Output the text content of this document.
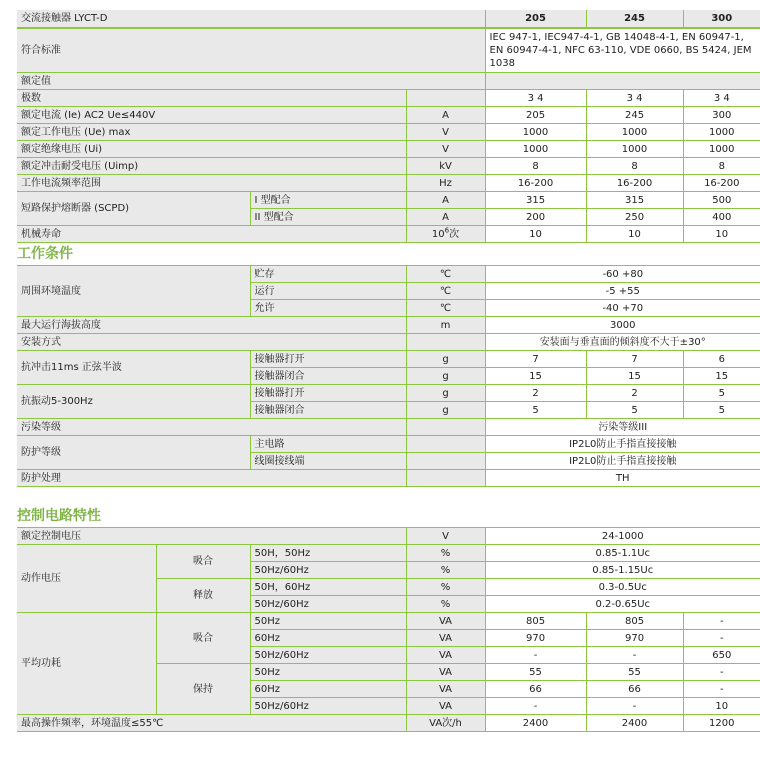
交流接触器 LYCT-D			205	245	300
符合标准			IEC 947-1, IEC947-4-1, GB 14048-4-1, EN 60947-1,
EN 60947-4-1, NFC 63-110, VDE 0660, BS 5424, JEM 1038		

额定值					
极数			3 4	3 4	3 4
额定电流 (Ie) AC2 Ue≤440V		A	205	245	300
额定工作电压 (Ue) max		V	1000	1000	1000
额定绝缘电压 (Ui)		V	1000	1000	1000
额定冲击耐受电压 (Uimp)		kV	8	8	8
工作电流频率范围		Hz	16-200	16-200	16-200
短路保护熔断器 (SCPD)	I 型配合	A	315	315	500
	II 型配合	A	200	250	400
机械寿命		$10^6$次	10	10	10
工作条件
周围环境温度	贮存	℃	-60 +80		
	运行	℃	-5 +55		
	允许	℃	-40 +70		
最大运行海拔高度		m	3000		
安装方式			安装面与垂直面的倾斜度不大于±30°		
抗冲击11ms 正弦半波	接触器打开	g	7	7	6
	接触器闭合	g	15	15	15
抗振动5-300Hz	接触器打开	g	2	2	5
	接触器闭合	g	5	5	5
污染等级			污染等级III		
防护等级	主电路		IP2L0防止手指直接接触		
	线圈接线端		IP2L0防止手指直接接触		
防护处理			TH		
控制电路特性
额定控制电压			V	24-1000		
动作电压	吸合	50H，50Hz	%	0.85-1.1Uc		
		50Hz/60Hz	%	0.85-1.15Uc		
	释放	50H，60Hz	%	0.3-0.5Uc		
		50Hz/60Hz	%	0.2-0.65Uc		
平均功耗	吸合	50Hz	VA	805	805	-
		60Hz	VA	970	970	-
		50Hz/60Hz	VA	-	-	650
	保持	50Hz	VA	55	55	-
		60Hz	VA	66	66	-
		50Hz/60Hz	VA	-	-	10
最高操作频率，环境温度≤55℃			VA次/h	2400	2400	1200
